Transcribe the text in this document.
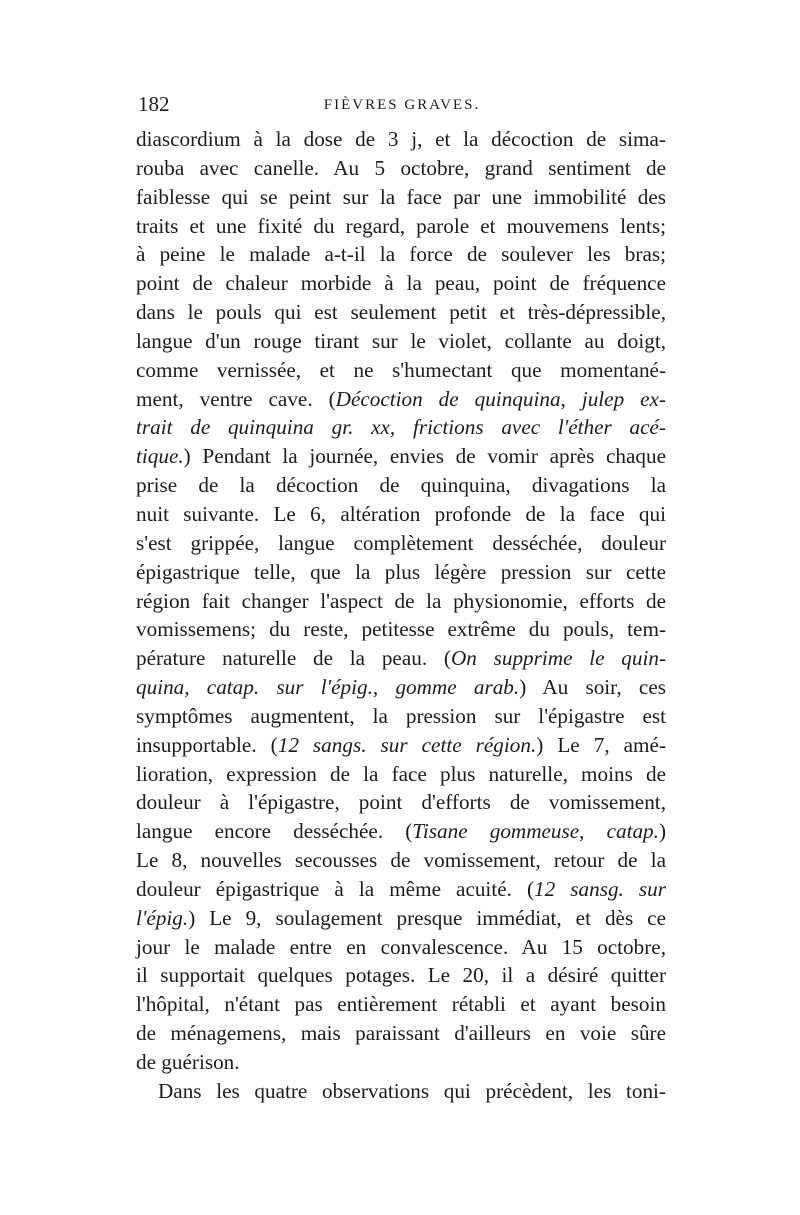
182	FIÈVRES GRAVES.
diascordium à la dose de 3 j, et la décoction de sima-
rouba avec canelle. Au 5 octobre, grand sentiment de
faiblesse qui se peint sur la face par une immobilité des
traits et une fixité du regard, parole et mouvemens lents;
à peine le malade a-t-il la force de soulever les bras;
point de chaleur morbide à la peau, point de fréquence
dans le pouls qui est seulement petit et très-dépressible,
langue d'un rouge tirant sur le violet, collante au doigt,
comme vernissée, et ne s'humectant que momentané-
ment, ventre cave. (Décoction de quinquina, julep ex-
trait de quinquina gr. xx, frictions avec l'éther acé-
tique.) Pendant la journée, envies de vomir après chaque
prise de la décoction de quinquina, divagations la
nuit suivante. Le 6, altération profonde de la face qui
s'est grippée, langue complètement desséchée, douleur
épigastrique telle, que la plus légère pression sur cette
région fait changer l'aspect de la physionomie, efforts de
vomissemens; du reste, petitesse extrême du pouls, tem-
pérature naturelle de la peau. (On supprime le quin-
quina, catap. sur l'épig., gomme arab.) Au soir, ces
symptômes augmentent, la pression sur l'épigastre est
insupportable. (12 sangs. sur cette région.) Le 7, amé-
lioration, expression de la face plus naturelle, moins de
douleur à l'épigastre, point d'efforts de vomissement,
langue encore desséchée. (Tisane gommeuse, catap.)
Le 8, nouvelles secousses de vomissement, retour de la
douleur épigastrique à la même acuité. (12 sansg. sur
l'épig.) Le 9, soulagement presque immédiat, et dès ce
jour le malade entre en convalescence. Au 15 octobre,
il supportait quelques potages. Le 20, il a désiré quitter
l'hôpital, n'étant pas entièrement rétabli et ayant besoin
de ménagemens, mais paraissant d'ailleurs en voie sûre
de guérison.
Dans les quatre observations qui précèdent, les toni-
